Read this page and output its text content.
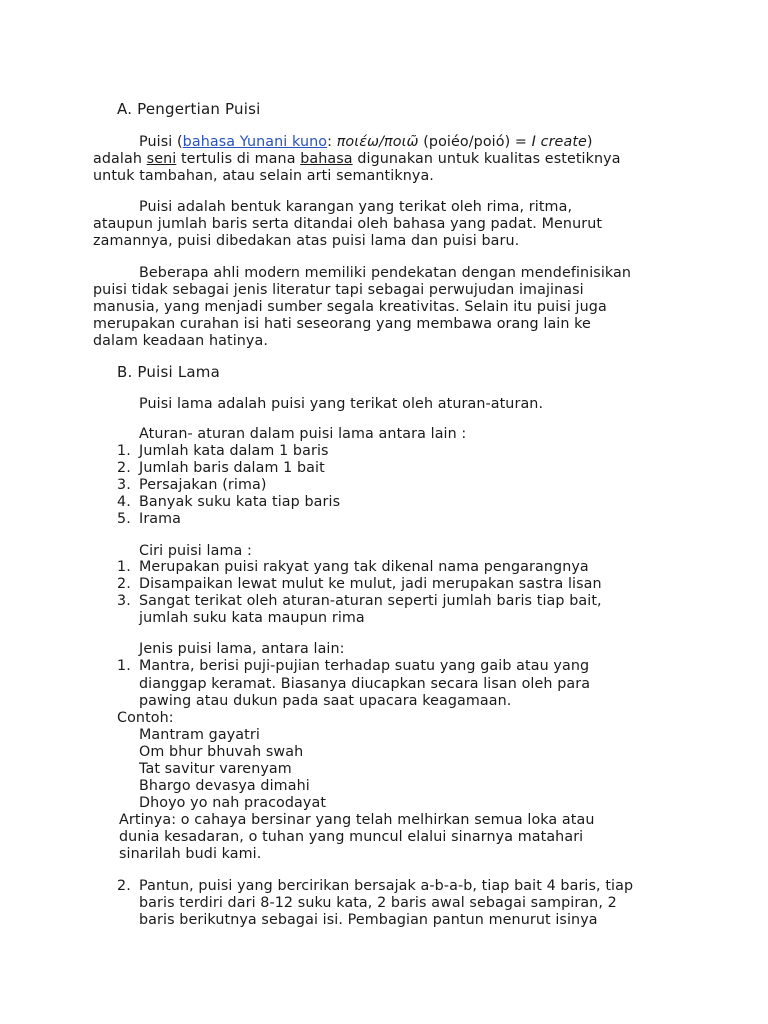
A. Pengertian Puisi

Puisi (bahasa Yunani kuno: ποιέω/ποιῶ (poiéo/poió) = I create)

adalah seni tertulis di mana bahasa digunakan untuk kualitas estetiknya

untuk tambahan, atau selain arti semantiknya.

Puisi adalah bentuk karangan yang terikat oleh rima, ritma,

ataupun jumlah baris serta ditandai oleh bahasa yang padat. Menurut

zamannya, puisi dibedakan atas puisi lama dan puisi baru.

Beberapa ahli modern memiliki pendekatan dengan mendefinisikan

puisi tidak sebagai jenis literatur tapi sebagai perwujudan imajinasi

manusia, yang menjadi sumber segala kreativitas. Selain itu puisi juga

merupakan curahan isi hati seseorang yang membawa orang lain ke

dalam keadaan hatinya.

B. Puisi Lama

Puisi lama adalah puisi yang terikat oleh aturan-aturan.

Aturan- aturan dalam puisi lama antara lain :

1. Jumlah kata dalam 1 baris

2. Jumlah baris dalam 1 bait

3. Persajakan (rima)

4. Banyak suku kata tiap baris

5. Irama

Ciri puisi lama :

1. Merupakan puisi rakyat yang tak dikenal nama pengarangnya

2. Disampaikan lewat mulut ke mulut, jadi merupakan sastra lisan

3. Sangat terikat oleh aturan-aturan seperti jumlah baris tiap bait,

jumlah suku kata maupun rima

Jenis puisi lama, antara lain:

1. Mantra, berisi puji-pujian terhadap suatu yang gaib atau yang

dianggap keramat. Biasanya diucapkan secara lisan oleh para

pawing atau dukun pada saat upacara keagamaan.

Contoh:

Mantram gayatri

Om bhur bhuvah swah

Tat savitur varenyam

Bhargo devasya dimahi

Dhoyo yo nah pracodayat

Artinya: o cahaya bersinar yang telah melhirkan semua loka atau

dunia kesadaran, o tuhan yang muncul elalui sinarnya matahari

sinarilah budi kami.

2. Pantun, puisi yang bercirikan bersajak a-b-a-b, tiap bait 4 baris, tiap

baris terdiri dari 8-12 suku kata, 2 baris awal sebagai sampiran, 2

baris berikutnya sebagai isi. Pembagian pantun menurut isinya
